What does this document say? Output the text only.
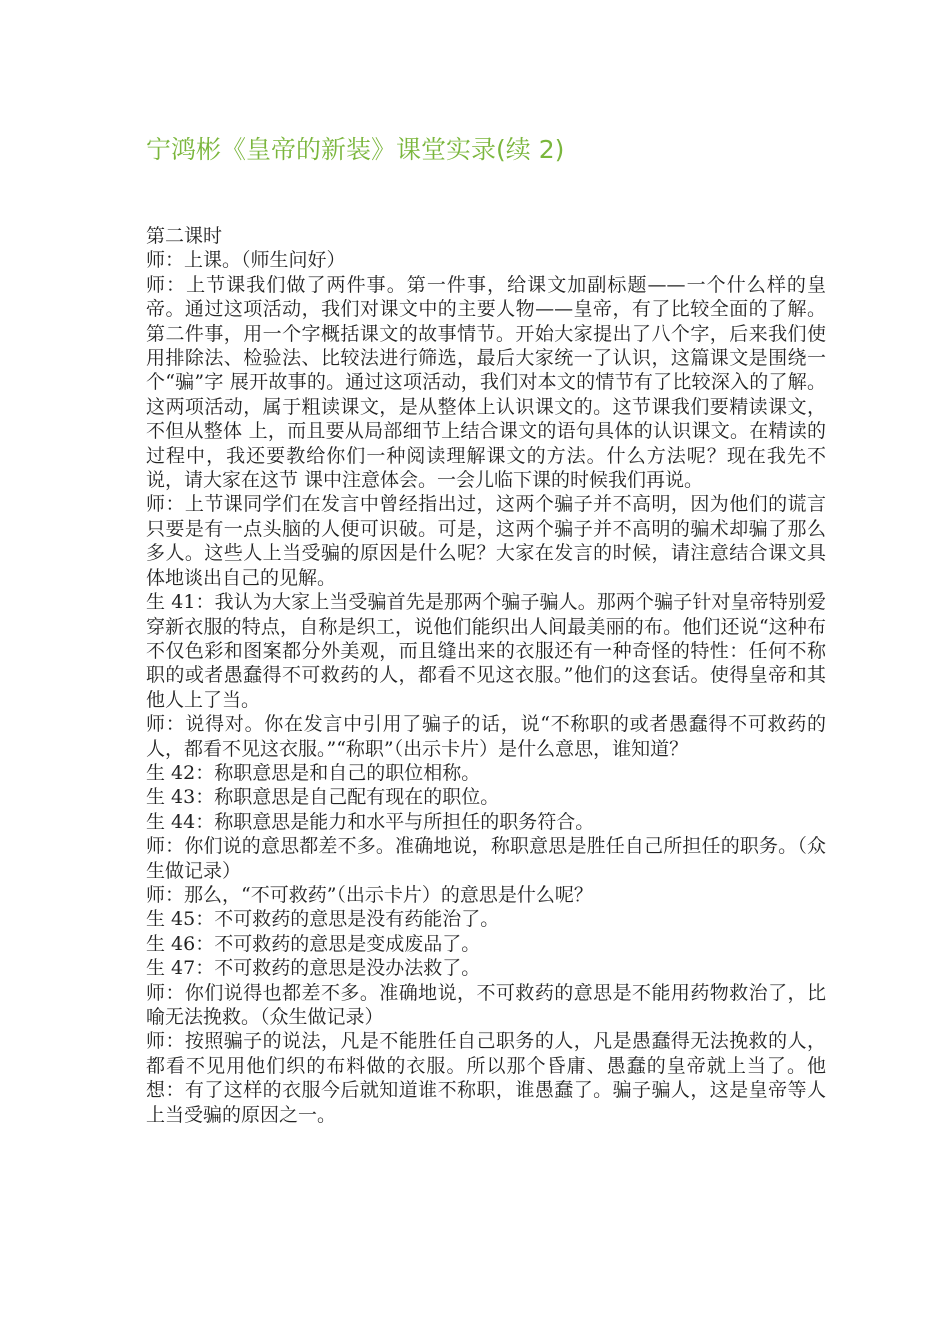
宁鸿彬《皇帝的新装》课堂实录(续 2)

第二课时

师：上课。（师生问好）

师：上节课我们做了两件事。第一件事，给课文加副标题——一个什么样的皇帝。通过这项活动，我们对课文中的主要人物——皇帝，有了比较全面的了解。第二件事，用一个字概括课文的故事情节。开始大家提出了八个字，后来我们使用排除法、检验法、比较法进行筛选，最后大家统一了认识，这篇课文是围绕一个“骗”字 展开故事的。通过这项活动，我们对本文的情节有了比较深入的了解。这两项活动，属于粗读课文，是从整体上认识课文的。这节课我们要精读课文，不但从整体 上，而且要从局部细节上结合课文的语句具体的认识课文。在精读的过程中，我还要教给你们一种阅读理解课文的方法。什么方法呢？现在我先不说，请大家在这节 课中注意体会。一会儿临下课的时候我们再说。

师：上节课同学们在发言中曾经指出过，这两个骗子并不高明，因为他们的谎言只要是有一点头脑的人便可识破。可是，这两个骗子并不高明的骗术却骗了那么多人。这些人上当受骗的原因是什么呢？大家在发言的时候，请注意结合课文具体地谈出自己的见解。

生 41：我认为大家上当受骗首先是那两个骗子骗人。那两个骗子针对皇帝特别爱穿新衣服的特点，自称是织工，说他们能织出人间最美丽的布。他们还说“这种布不仅色彩和图案都分外美观，而且缝出来的衣服还有一种奇怪的特性：任何不称职的或者愚蠢得不可救药的人，都看不见这衣服。”他们的这套话。使得皇帝和其他人上了当。

师：说得对。你在发言中引用了骗子的话，说“不称职的或者愚蠢得不可救药的人，都看不见这衣服。”“称职”（出示卡片）是什么意思，谁知道？

生 42：称职意思是和自己的职位相称。

生 43：称职意思是自己配有现在的职位。

生 44：称职意思是能力和水平与所担任的职务符合。

师：你们说的意思都差不多。准确地说，称职意思是胜任自己所担任的职务。（众生做记录）

师：那么，“不可救药”（出示卡片）的意思是什么呢？

生 45：不可救药的意思是没有药能治了。

生 46：不可救药的意思是变成废品了。

生 47：不可救药的意思是没办法救了。

师：你们说得也都差不多。准确地说，不可救药的意思是不能用药物救治了，比喻无法挽救。（众生做记录）

师：按照骗子的说法，凡是不能胜任自己职务的人，凡是愚蠢得无法挽救的人，都看不见用他们织的布料做的衣服。所以那个昏庸、愚蠢的皇帝就上当了。他想：有了这样的衣服今后就知道谁不称职，谁愚蠢了。骗子骗人，这是皇帝等人上当受骗的原因之一。
